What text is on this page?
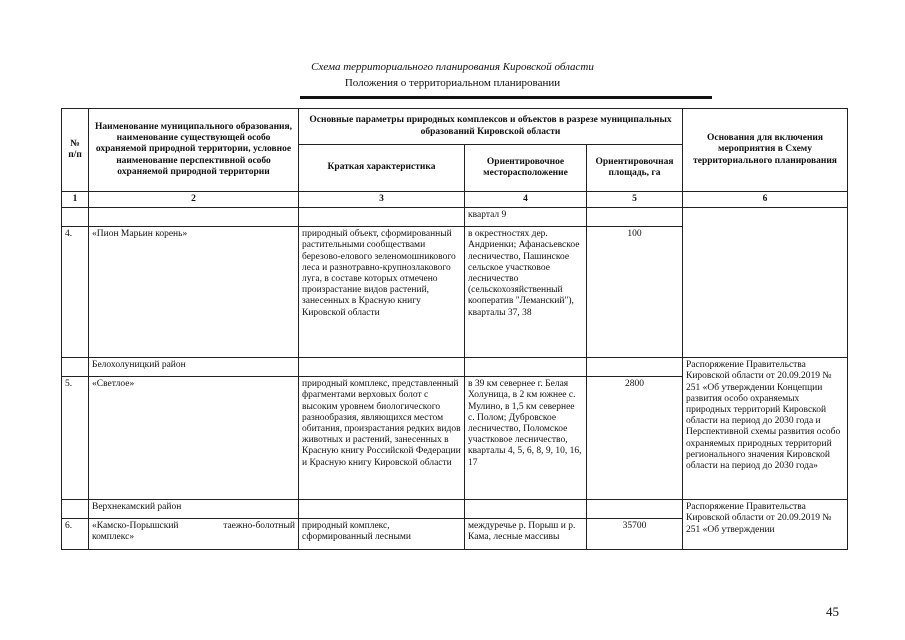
Схема территориального планирования Кировской области
Положения о территориальном планировании
№ п/п	Наименование муниципального образования, наименование существующей особо охраняемой природной территории, условное наименование перспективной особо охраняемой природной территории	Основные параметры природных комплексов и объектов в разрезе муниципальных образований Кировской области			Основания для включения мероприятия в Схему территориального планирования
		Краткая характеристика	Ориентировочное месторасположение	Ориентировочная площадь, га	
1	2	3	4	5	6
			квартал 9		
4.	«Пион Марьин корень»	природный объект, сформированный растительными сообществами березово-елового зеленомошникового леса и разнотравно-крупнозлакового луга, в составе которых отмечено произрастание видов растений, занесенных в Красную книгу Кировской области	в окрестностях дер. Андриенки; Афанасьевское лесничество, Пашинское сельское участковое лесничество (сельскохозяйственный кооператив "Леманский"), кварталы 37, 38	100	
	Белохолуницкий район				Распоряжение Правительства Кировской области от 20.09.2019 № 251 «Об утверждении Концепции развития особо охраняемых природных территорий Кировской области на период до 2030 года и Перспективной схемы развития особо охраняемых природных территорий регионального значения Кировской области на период до 2030 года»
5.	«Светлое»	природный комплекс, представленный фрагментами верховых болот с высоким уровнем биологического разнообразия, являющихся местом обитания, произрастания редких видов животных и растений, занесенных в Красную книгу Российской Федерации и Красную книгу Кировской области	в 39 км севернее г. Белая Холуница, в 2 км южнее с. Мулино, в 1,5 км севернее с. Полом; Дубровское лесничество, Поломское участковое лесничество, кварталы 4, 5, 6, 8, 9, 10, 16, 17	2800	
	Верхнекамский район				Распоряжение Правительства Кировской области от 20.09.2019 № 251 «Об утверждении
6.	«Камско-Порышский таежно-болотный комплекс»	природный комплекс, сформированный лесными	междуречье р. Порыш и р. Кама, лесные массивы	35700	
45
